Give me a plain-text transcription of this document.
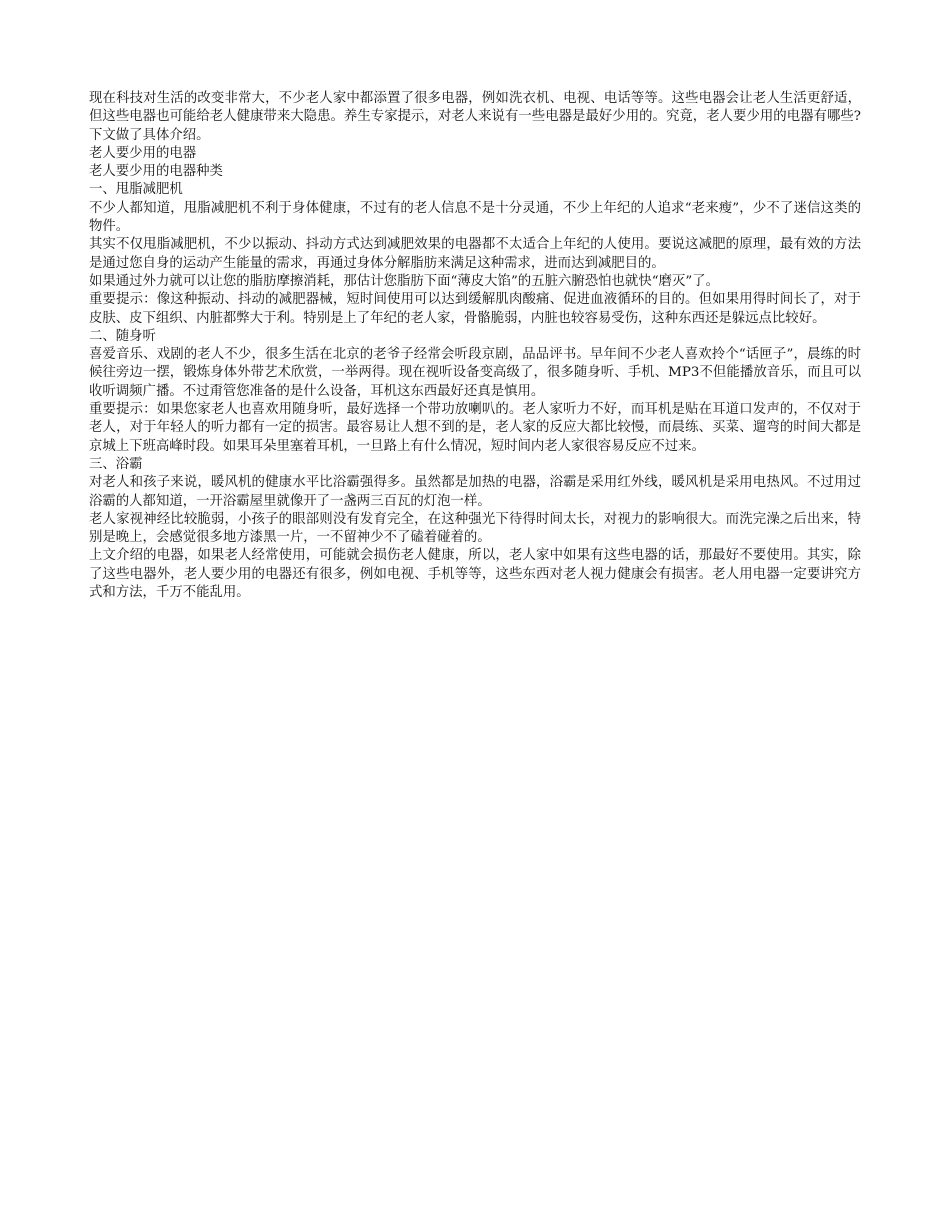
现在科技对生活的改变非常大，不少老人家中都添置了很多电器，例如洗衣机、电视、电话等等。这些电器会让老人生活更舒适，但这些电器也可能给老人健康带来大隐患。养生专家提示，对老人来说有一些电器是最好少用的。究竟，老人要少用的电器有哪些?下文做了具体介绍。

老人要少用的电器

老人要少用的电器种类

一、甩脂减肥机

不少人都知道，甩脂减肥机不利于身体健康，不过有的老人信息不是十分灵通，不少上年纪的人追求“老来瘦”，少不了迷信这类的物件。

其实不仅甩脂减肥机，不少以振动、抖动方式达到减肥效果的电器都不太适合上年纪的人使用。要说这减肥的原理，最有效的方法是通过您自身的运动产生能量的需求，再通过身体分解脂肪来满足这种需求，进而达到减肥目的。

如果通过外力就可以让您的脂肪摩擦消耗，那估计您脂肪下面“薄皮大馅”的五脏六腑恐怕也就快“磨灭”了。

重要提示：像这种振动、抖动的减肥器械，短时间使用可以达到缓解肌肉酸痛、促进血液循环的目的。但如果用得时间长了，对于皮肤、皮下组织、内脏都弊大于利。特别是上了年纪的老人家，骨骼脆弱，内脏也较容易受伤，这种东西还是躲远点比较好。

二、随身听

喜爱音乐、戏剧的老人不少，很多生活在北京的老爷子经常会听段京剧，品品评书。早年间不少老人喜欢拎个“话匣子”，晨练的时候往旁边一摆，锻炼身体外带艺术欣赏，一举两得。现在视听设备变高级了，很多随身听、手机、MP3不但能播放音乐，而且可以收听调频广播。不过甭管您准备的是什么设备，耳机这东西最好还真是慎用。

重要提示：如果您家老人也喜欢用随身听，最好选择一个带功放喇叭的。老人家听力不好，而耳机是贴在耳道口发声的，不仅对于老人，对于年轻人的听力都有一定的损害。最容易让人想不到的是，老人家的反应大都比较慢，而晨练、买菜、遛弯的时间大都是京城上下班高峰时段。如果耳朵里塞着耳机，一旦路上有什么情况，短时间内老人家很容易反应不过来。

三、浴霸

对老人和孩子来说，暖风机的健康水平比浴霸强得多。虽然都是加热的电器，浴霸是采用红外线，暖风机是采用电热风。不过用过浴霸的人都知道，一开浴霸屋里就像开了一盏两三百瓦的灯泡一样。

老人家视神经比较脆弱，小孩子的眼部则没有发育完全，在这种强光下待得时间太长，对视力的影响很大。而洗完澡之后出来，特别是晚上，会感觉很多地方漆黑一片，一不留神少不了磕着碰着的。

上文介绍的电器，如果老人经常使用，可能就会损伤老人健康，所以，老人家中如果有这些电器的话，那最好不要使用。其实，除了这些电器外，老人要少用的电器还有很多，例如电视、手机等等，这些东西对老人视力健康会有损害。老人用电器一定要讲究方式和方法，千万不能乱用。
